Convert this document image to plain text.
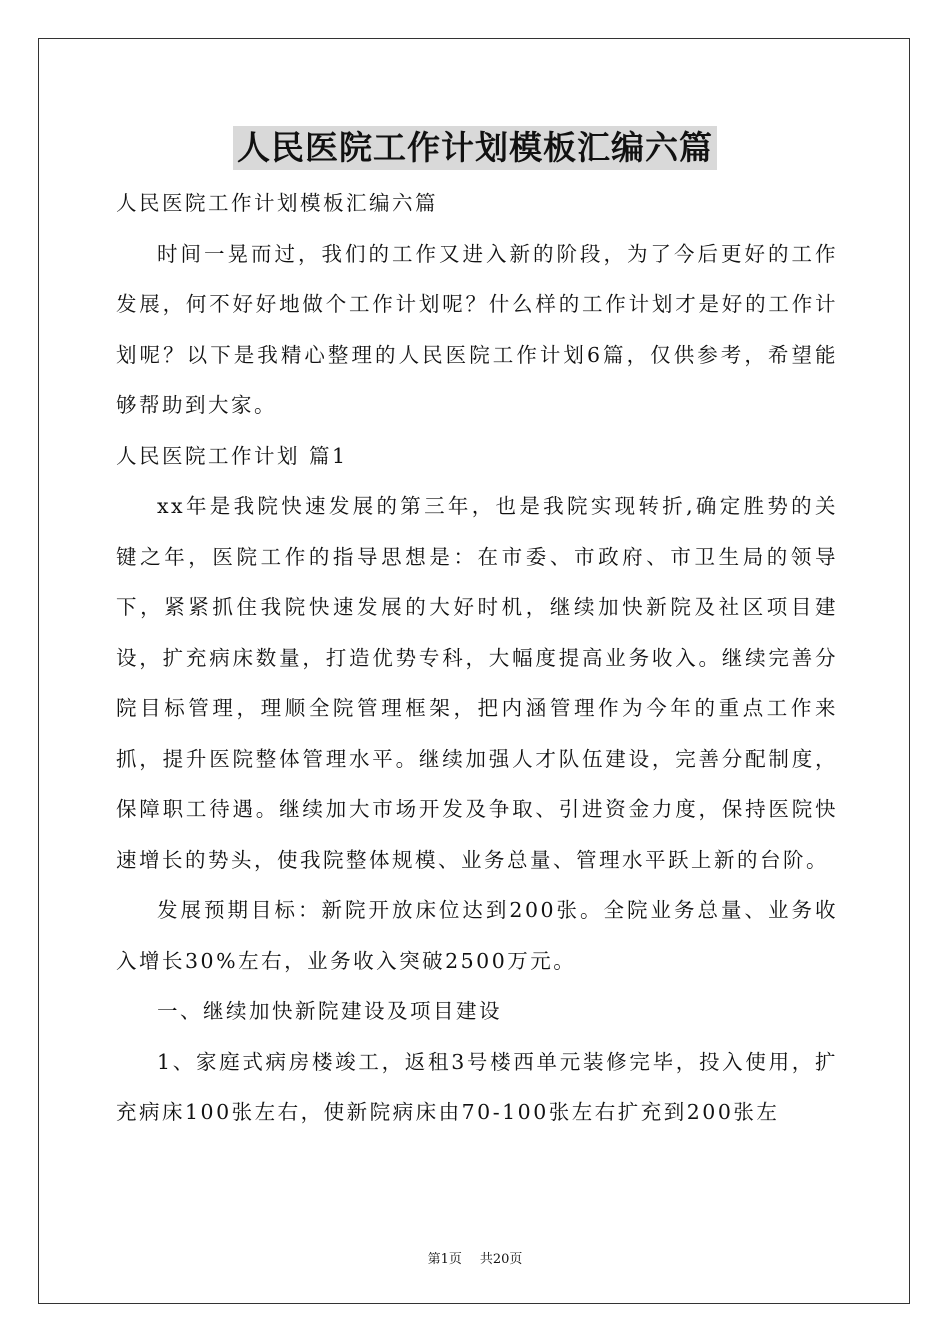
人民医院工作计划模板汇编六篇

人民医院工作计划模板汇编六篇

时间一晃而过，我们的工作又进入新的阶段，为了今后更好的工作发展，何不好好地做个工作计划呢？什么样的工作计划才是好的工作计划呢？以下是我精心整理的人民医院工作计划6篇，仅供参考，希望能够帮助到大家。

人民医院工作计划 篇1

xx年是我院快速发展的第三年，也是我院实现转折,确定胜势的关键之年，医院工作的指导思想是：在市委、市政府、市卫生局的领导下，紧紧抓住我院快速发展的大好时机，继续加快新院及社区项目建设，扩充病床数量，打造优势专科，大幅度提高业务收入。继续完善分院目标管理，理顺全院管理框架，把内涵管理作为今年的重点工作来抓，提升医院整体管理水平。继续加强人才队伍建设，完善分配制度，保障职工待遇。继续加大市场开发及争取、引进资金力度，保持医院快速增长的势头，使我院整体规模、业务总量、管理水平跃上新的台阶。

发展预期目标：新院开放床位达到200张。全院业务总量、业务收入增长30%左右，业务收入突破2500万元。

一、继续加快新院建设及项目建设

1、家庭式病房楼竣工，返租3号楼西单元装修完毕，投入使用，扩充病床100张左右，使新院病床由70-100张左右扩充到200张左

第1页 共20页
